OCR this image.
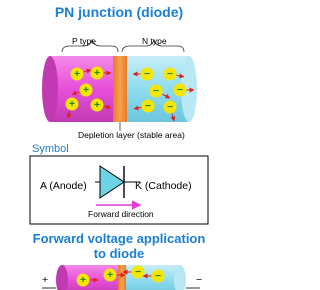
PN junction (diode)
+ +
+
+ +
− −
− −
− −
+ + − −
P type	N type
Depletion layer (stable area)
Symbol
A (Anode)	K (Cathode)
Forward direction
Forward voltage application
to diode
+	−
